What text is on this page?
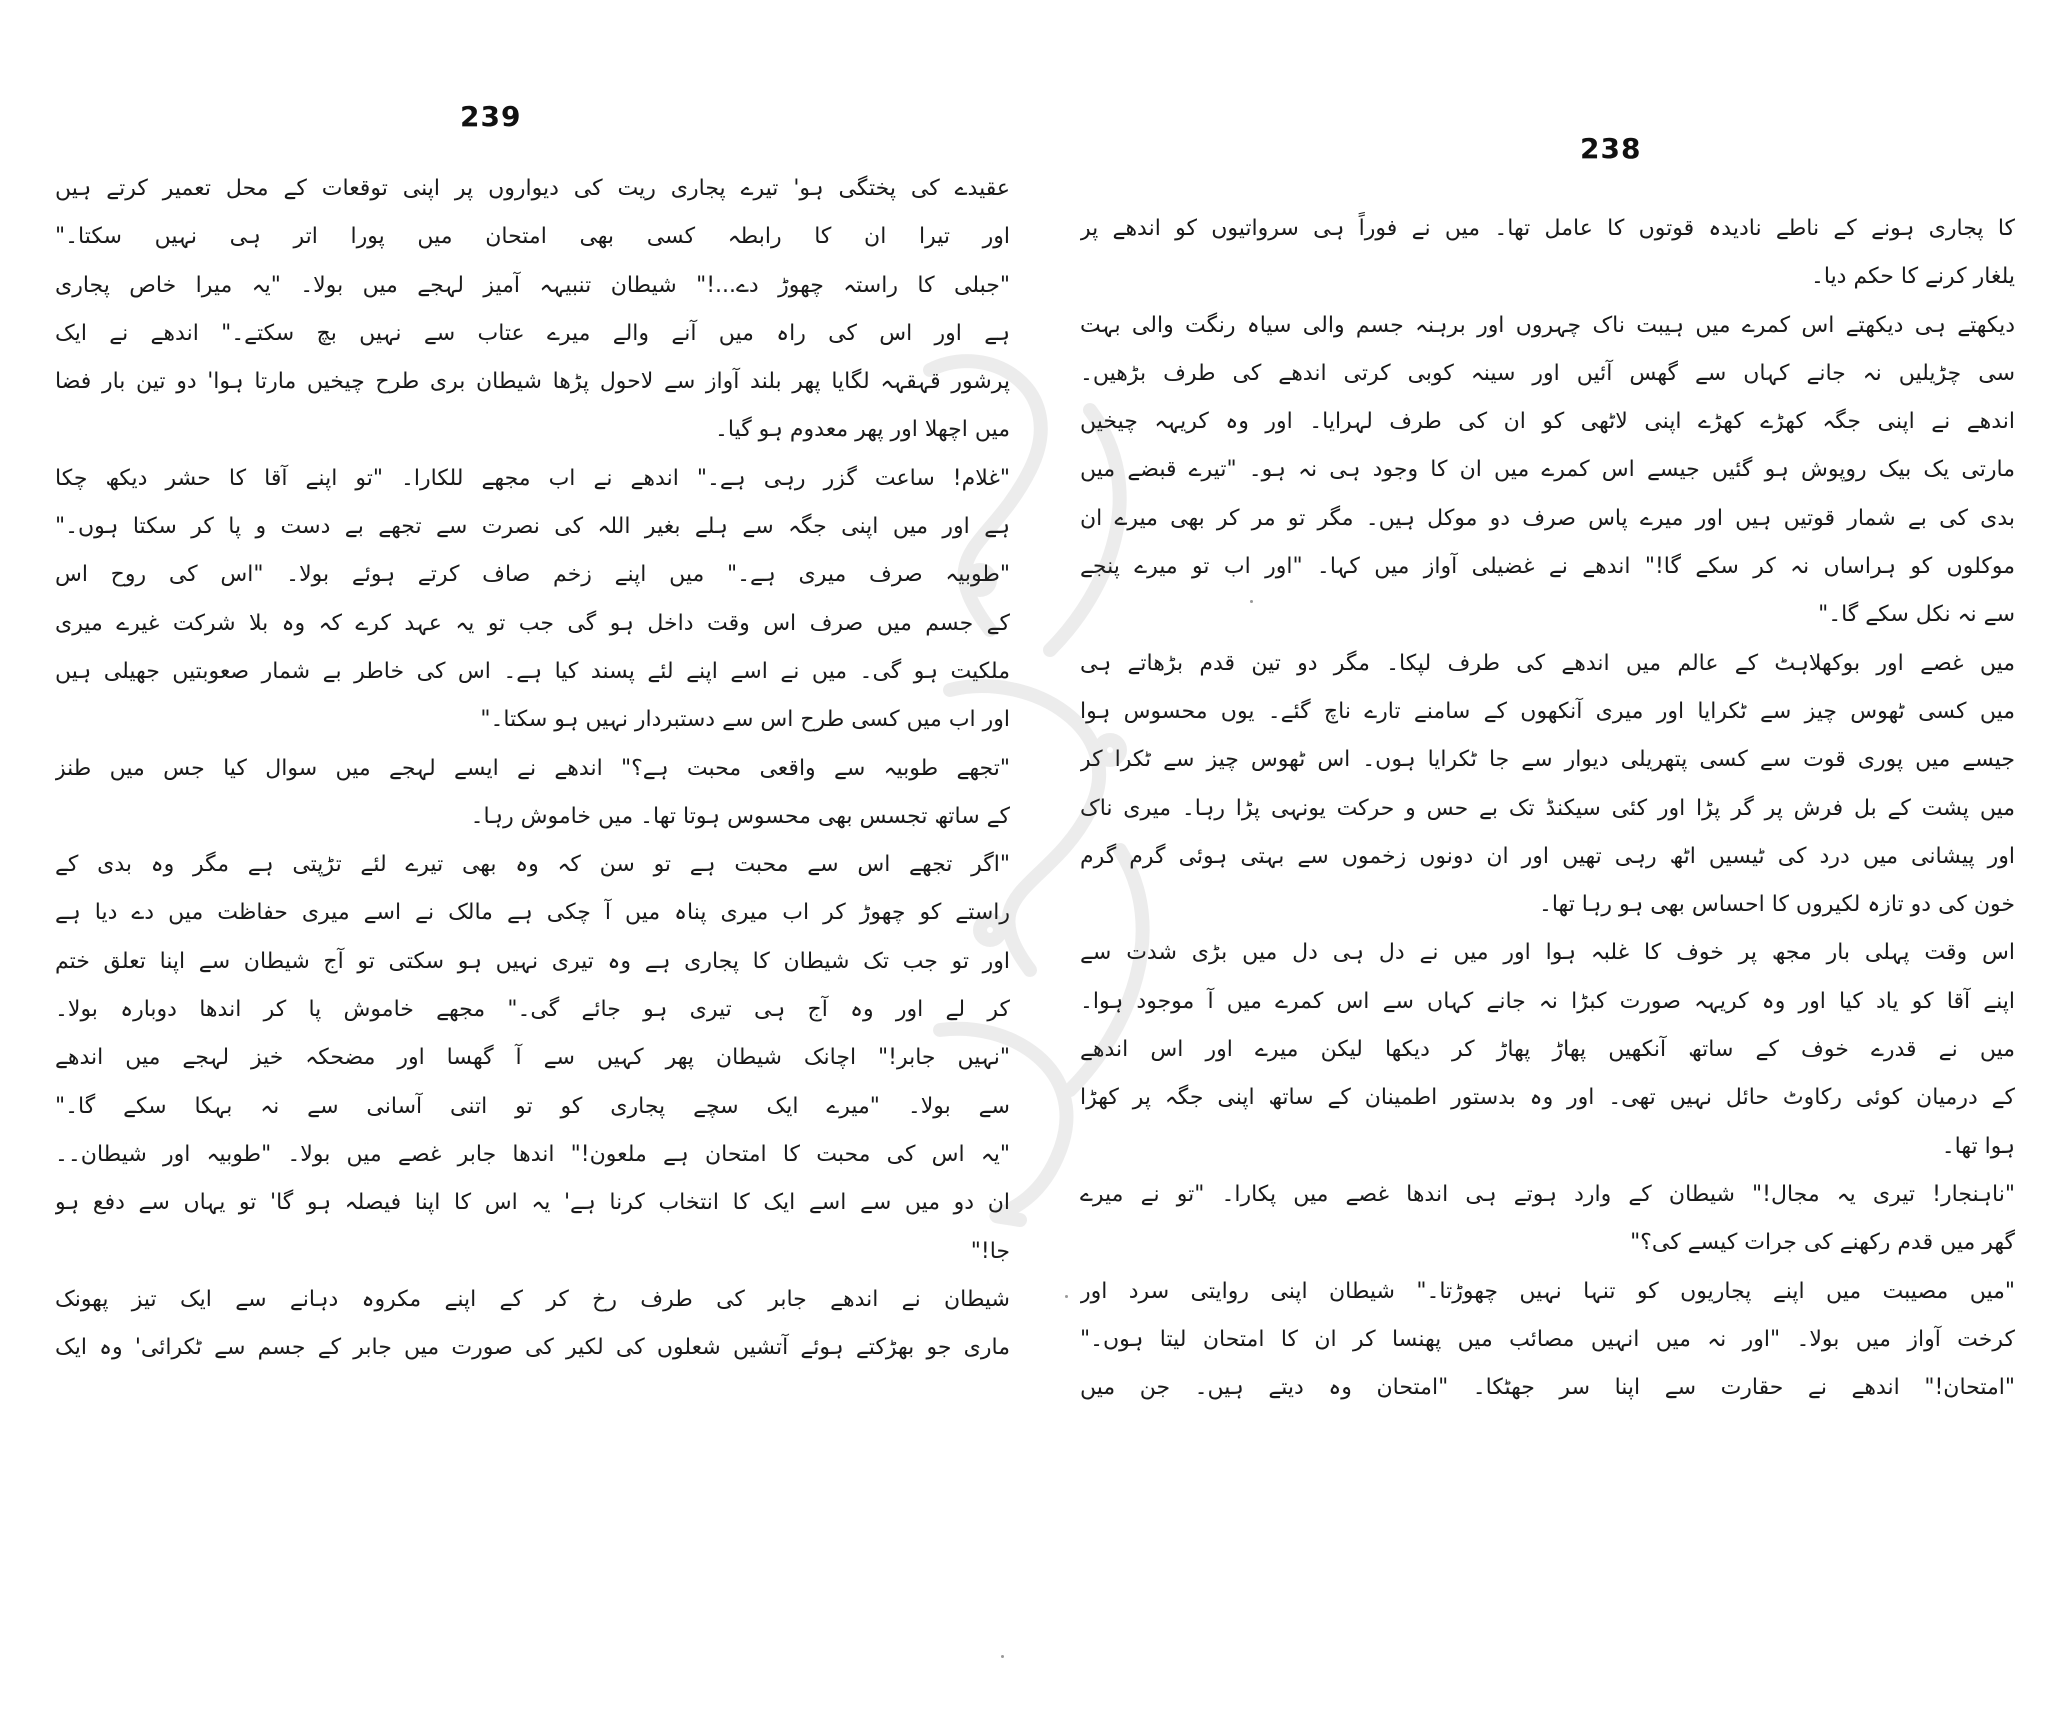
239
عقیدے کی پختگی ہو' تیرے پجاری ریت کی دیواروں پر اپنی توقعات کے محل تعمیر کرتے ہیں
اور تیرا ان کا رابطہ کسی بھی امتحان میں پورا اتر ہی نہیں سکتا۔"
"جبلی کا راستہ چھوڑ دے...!" شیطان تنبیہہ آمیز لہجے میں بولا۔ "یہ میرا خاص پجاری
ہے اور اس کی راہ میں آنے والے میرے عتاب سے نہیں بچ سکتے۔" اندھے نے ایک
پرشور قہقہہ لگایا پھر بلند آواز سے لاحول پڑھا شیطان بری طرح چیخیں مارتا ہوا' دو تین بار فضا
میں اچھلا اور پھر معدوم ہو گیا۔
"غلام! ساعت گزر رہی ہے۔" اندھے نے اب مجھے للکارا۔ "تو اپنے آقا کا حشر دیکھ چکا
ہے اور میں اپنی جگہ سے ہلے بغیر اللہ کی نصرت سے تجھے بے دست و پا کر سکتا ہوں۔"
"طوبیہ صرف میری ہے۔" میں اپنے زخم صاف کرتے ہوئے بولا۔ "اس کی روح اس
کے جسم میں صرف اس وقت داخل ہو گی جب تو یہ عہد کرے کہ وہ بلا شرکت غیرے میری
ملکیت ہو گی۔ میں نے اسے اپنے لئے پسند کیا ہے۔ اس کی خاطر بے شمار صعوبتیں جھیلی ہیں
اور اب میں کسی طرح اس سے دستبردار نہیں ہو سکتا۔"
"تجھے طوبیہ سے واقعی محبت ہے؟" اندھے نے ایسے لہجے میں سوال کیا جس میں طنز
کے ساتھ تجسس بھی محسوس ہوتا تھا۔ میں خاموش رہا۔
"اگر تجھے اس سے محبت ہے تو سن کہ وہ بھی تیرے لئے تڑپتی ہے مگر وہ بدی کے
راستے کو چھوڑ کر اب میری پناہ میں آ چکی ہے مالک نے اسے میری حفاظت میں دے دیا ہے
اور تو جب تک شیطان کا پجاری ہے وہ تیری نہیں ہو سکتی تو آج شیطان سے اپنا تعلق ختم
کر لے اور وہ آج ہی تیری ہو جائے گی۔" مجھے خاموش پا کر اندھا دوبارہ بولا۔
"نہیں جابر!" اچانک شیطان پھر کہیں سے آ گھسا اور مضحکہ خیز لہجے میں اندھے
سے بولا۔ "میرے ایک سچے پجاری کو تو اتنی آسانی سے نہ بہکا سکے گا۔"
"یہ اس کی محبت کا امتحان ہے ملعون!" اندھا جابر غصے میں بولا۔ "طوبیہ اور شیطان۔۔
ان دو میں سے اسے ایک کا انتخاب کرنا ہے' یہ اس کا اپنا فیصلہ ہو گا' تو یہاں سے دفع ہو
جا!"
شیطان نے اندھے جابر کی طرف رخ کر کے اپنے مکروہ دہانے سے ایک تیز پھونک
ماری جو بھڑکتے ہوئے آتشیں شعلوں کی لکیر کی صورت میں جابر کے جسم سے ٹکرائی' وہ ایک
238
کا پجاری ہونے کے ناطے نادیدہ قوتوں کا عامل تھا۔ میں نے فوراً ہی سرواتیوں کو اندھے پر
یلغار کرنے کا حکم دیا۔
دیکھتے ہی دیکھتے اس کمرے میں ہیبت ناک چہروں اور برہنہ جسم والی سیاہ رنگت والی بہت
سی چڑیلیں نہ جانے کہاں سے گھس آئیں اور سینہ کوبی کرتی اندھے کی طرف بڑھیں۔
اندھے نے اپنی جگہ کھڑے کھڑے اپنی لاٹھی کو ان کی طرف لہرایا۔ اور وہ کریہہ چیخیں
مارتی یک بیک روپوش ہو گئیں جیسے اس کمرے میں ان کا وجود ہی نہ ہو۔ "تیرے قبضے میں
بدی کی بے شمار قوتیں ہیں اور میرے پاس صرف دو موکل ہیں۔ مگر تو مر کر بھی میرے ان
موکلوں کو ہراساں نہ کر سکے گا!" اندھے نے غضیلی آواز میں کہا۔ "اور اب تو میرے پنجے
سے نہ نکل سکے گا۔"
میں غصے اور بوکھلاہٹ کے عالم میں اندھے کی طرف لپکا۔ مگر دو تین قدم بڑھاتے ہی
میں کسی ٹھوس چیز سے ٹکرایا اور میری آنکھوں کے سامنے تارے ناچ گئے۔ یوں محسوس ہوا
جیسے میں پوری قوت سے کسی پتھریلی دیوار سے جا ٹکرایا ہوں۔ اس ٹھوس چیز سے ٹکرا کر
میں پشت کے بل فرش پر گر پڑا اور کئی سیکنڈ تک بے حس و حرکت یونہی پڑا رہا۔ میری ناک
اور پیشانی میں درد کی ٹیسیں اٹھ رہی تھیں اور ان دونوں زخموں سے بہتی ہوئی گرم گرم
خون کی دو تازہ لکیروں کا احساس بھی ہو رہا تھا۔
اس وقت پہلی بار مجھ پر خوف کا غلبہ ہوا اور میں نے دل ہی دل میں بڑی شدت سے
اپنے آقا کو یاد کیا اور وہ کریہہ صورت کبڑا نہ جانے کہاں سے اس کمرے میں آ موجود ہوا۔
میں نے قدرے خوف کے ساتھ آنکھیں پھاڑ پھاڑ کر دیکھا لیکن میرے اور اس اندھے
کے درمیان کوئی رکاوٹ حائل نہیں تھی۔ اور وہ بدستور اطمینان کے ساتھ اپنی جگہ پر کھڑا
ہوا تھا۔
"ناہنجار! تیری یہ مجال!" شیطان کے وارد ہوتے ہی اندھا غصے میں پکارا۔ "تو نے میرے
گھر میں قدم رکھنے کی جرات کیسے کی؟"
"میں مصیبت میں اپنے پجاریوں کو تنہا نہیں چھوڑتا۔" شیطان اپنی روایتی سرد اور
کرخت آواز میں بولا۔ "اور نہ میں انہیں مصائب میں پھنسا کر ان کا امتحان لیتا ہوں۔"
"امتحان!" اندھے نے حقارت سے اپنا سر جھٹکا۔ "امتحان وہ دیتے ہیں۔ جن میں
